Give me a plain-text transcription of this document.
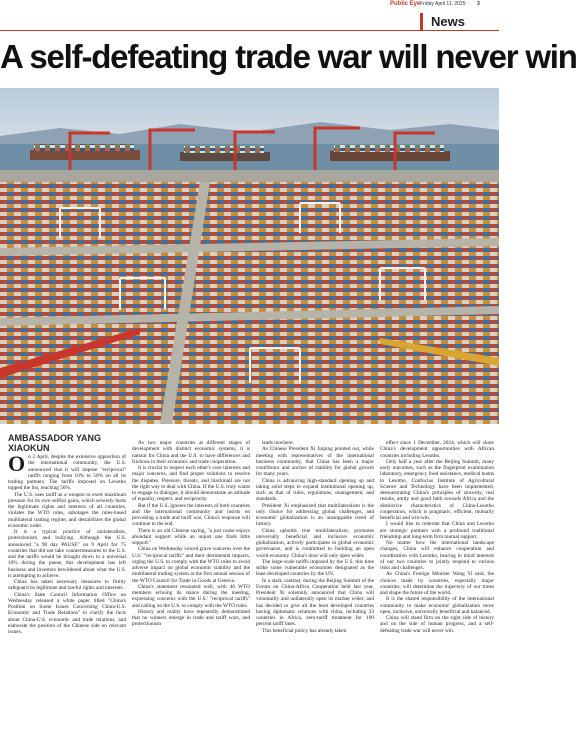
Public Eye Friday April 11, 2025 3
News
A self-defeating trade war will never win
AMBASSADOR YANG
XIAOKUN

On 2 April, despite the extensive opposition of the international community, the U.S. announced that it will impose "reciprocal" tariffs ranging from 10% to 50% on all its trading partners. The tariffs imposed on Lesotho topped the list, reaching 50%.

The U.S. uses tariff as a weapon to exert maximum pressure for its own selfish gains, which severely hurts the legitimate rights and interests of all countries, violates the WTO rules, sabotages the rules-based multilateral trading regime, and destabilizes the global economic order.

It is a typical practice of unilateralism, protectionism and bullying. Although the U.S. announced "a 90 day PAUSE" on 9 April for 75 countries that did not take countermeasures to the U.S. and the tariffs would be brought down to a universal 10% during the pause, this development has left business and investors bewildered about what the U.S. is attempting to achieve.

China has taken necessary measures to firmly safeguard its legitimate and lawful rights and interests.

China's State Council Information Office on Wednesday released a white paper titled "China's Position on Some Issues Concerning China-U.S. Economic and Trade Relations" to clarify the facts about China-U.S. economic and trade relations, and elaborate the position of the Chinese side on relevant issues.

As two major countries at different stages of development with distinct economic systems, it is natural for China and the U.S. to have differences and frictions in their economic and trade cooperation.

It is crucial to respect each other's core interests and major concerns, and find proper solutions to resolve the disputes. Pressure, threats, and blackmail are not the right way to deal with China. If the U.S. truly wants to engage in dialogue, it should demonstrate an attitude of equality, respect, and reciprocity.

But if the U.S. ignores the interests of both countries and the international community and insists on provoking a trade and tariff war, China's response will continue to the end.

There is an old Chinese saying, "a just cause enjoys abundant support while an unjust one finds little support."

China on Wednesday voiced grave concerns over the U.S.' "reciprocal tariffs" and their detrimental impacts, urging the U.S. to comply with the WTO rules to avoid adverse impact on global economic stability and the multilateral trading system at the first annual session of the WTO Council for Trade in Goods at Geneva.

China's statement resonated well, with 46 WTO members echoing its stance during the meeting, expressing concerns with the U.S.' "reciprocal tariffs" and calling on the U.S. to comply with the WTO rules.

History and reality have repeatedly demonstrated that no winners emerge in trade and tariff wars, and protectionism

leads nowhere.

As Chinese President Xi Jinping pointed out, while meeting with representatives of the international business community, that China has been a major contributor and anchor of stability for global growth for many years.

China is advancing high-standard opening up and taking solid steps to expand institutional opening up, such as that of rules, regulations, management, and standards.

President Xi emphasized that multilateralism is the only choice for addressing global challenges, and economic globalization is an unstoppable trend of history.

China upholds true multilateralism, promotes universally beneficial and inclusive economic globalization, actively participates in global economic governance, and is committed to building an open world economy. China's door will only open wider.

The large-scale tariffs imposed by the U.S. this time strike some vulnerable economies designated as the least developed countries by the UN.

In a stark contrast, during the Beijing Summit of the Forum on China-Africa Cooperation held last year, President Xi solemnly announced that China will voluntarily and unilaterally open its market wider, and has decided to give all the least developed countries having diplomatic relations with china, including 33 countries in Africa, zero-tariff treatment for 100 percent tariff lines.

This beneficial policy has already taken

effect since 1 December, 2024, which will share China's development opportunities with African countries including Lesotho.

Only half a year after the Beijing Summit, many early outcomes, such as the fingerprint examination laboratory, emergency food assistance, medical teams to Lesotho, Confucius Institute of Agricultural Science and Technology have been implemented, demonstrating China's principles of sincerity, real results, amity and good faith towards Africa and the distinctive characteristics of China-Lesotho cooperation, which is pragmatic, efficient, mutually beneficial and win-win.

I would like to reiterate that China and Lesotho are strategic partners with a profound traditional friendship and long-term firm mutual support.

No matter how the international landscape changes, China will enhance cooperation and coordination with Lesotho, bearing in mind interests of our two countries to jointly respond to various risks and challenges.

As China's Foreign Minister Wang Yi said, the choices made by countries, especially major countries, will determine the trajectory of our times and shape the future of the world.

It is the shared responsibility of the international community to make economic globalization more open, inclusive, universally beneficial and balanced.

China will stand firm on the right side of history and on the side of human progress, and a self-defeating trade war will never win.
